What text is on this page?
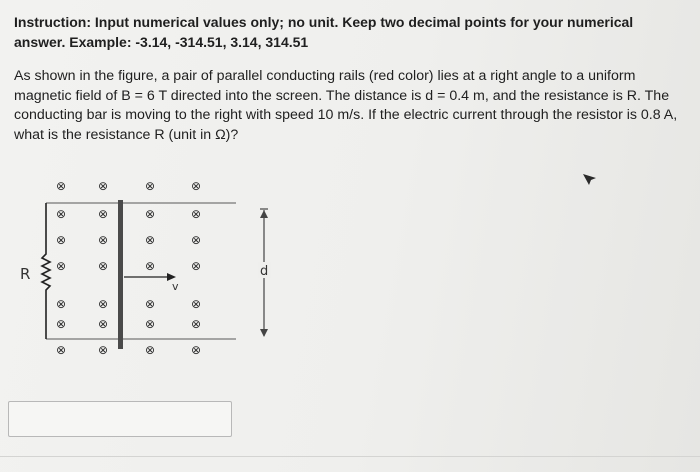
Instruction: Input numerical values only; no unit. Keep two decimal points for your numerical answer. Example: -3.14, -314.51, 3.14, 314.51

As shown in the figure, a pair of parallel conducting rails (red color) lies at a right angle to a uniform magnetic field of B = 6 T directed into the screen. The distance is d = 0.4 m, and the resistance is R. The conducting bar is moving to the right with speed 10 m/s. If the electric current through the resistor is 0.8 A, what is the resistance R (unit in Ω)?

R
v
d
⊗	⊗	⊗	⊗
⊗	⊗	⊗	⊗
⊗	⊗	⊗	⊗
⊗	⊗	⊗	⊗
⊗	⊗	⊗	⊗
⊗	⊗	⊗	⊗
⊗	⊗	⊗	⊗
